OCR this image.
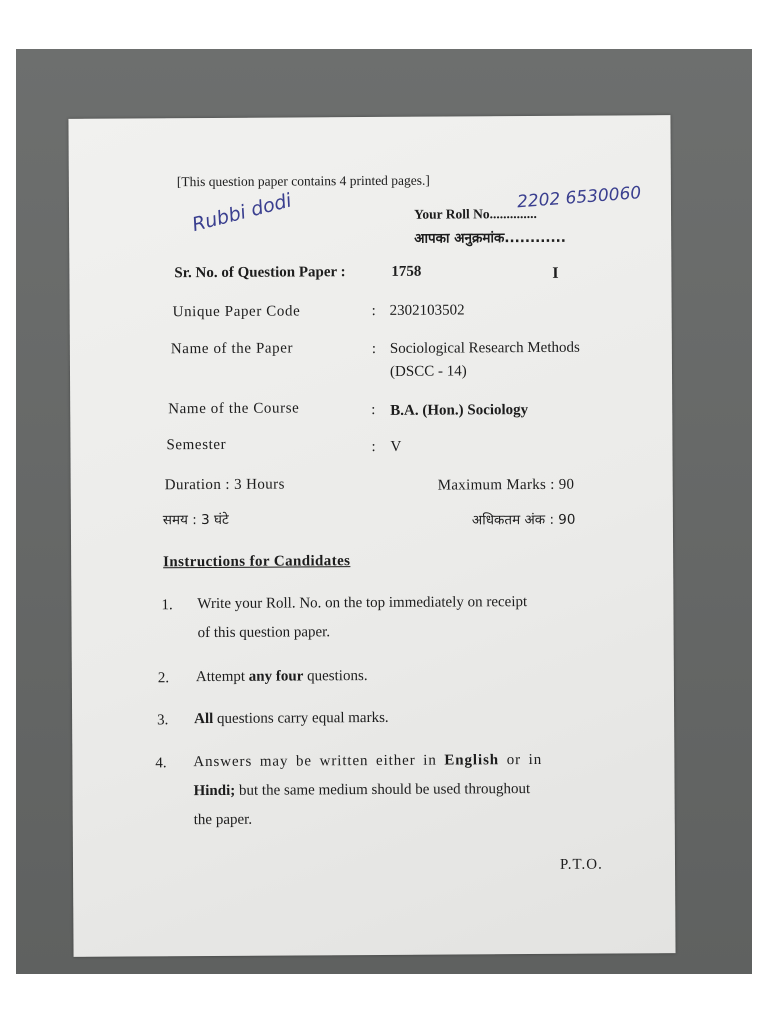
[This question paper contains 4 printed pages.]
Rubbi dodi	Your Roll No..............
2202 6530060
आपका अनुक्रमांक............
Sr. No. of Question Paper :	1758	I
Unique Paper Code	: 2302103502
Name of the Paper	: Sociological Research Methods
(DSCC - 14)
Name of the Course	: B.A. (Hon.) Sociology
Semester	: V
Duration : 3 Hours	Maximum Marks : 90
समय : 3 घंटे	अधिकतम अंक : 90
Instructions for Candidates
1. Write your Roll. No. on the top immediately on receipt
of this question paper.
2. Attempt any four questions.
3. All questions carry equal marks.
4. Answers may be written either in English or in
Hindi; but the same medium should be used throughout
the paper.
P.T.O.
